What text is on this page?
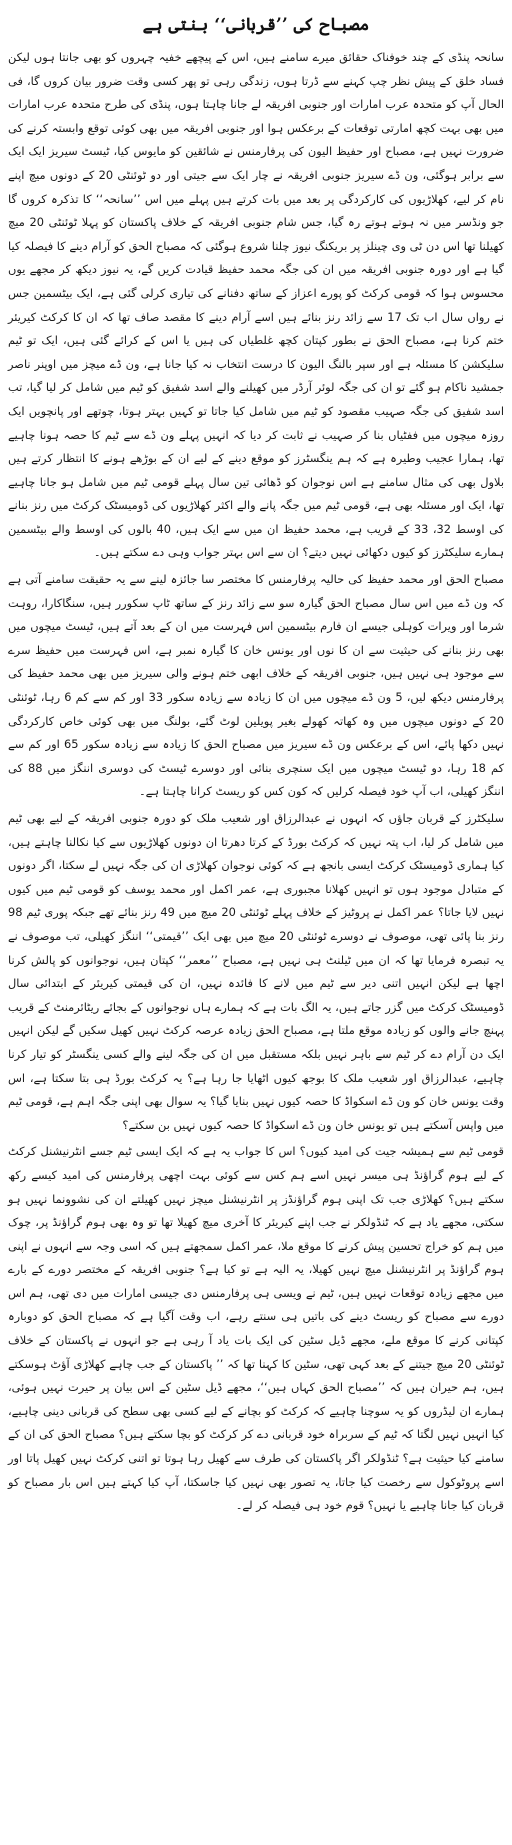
مصباح کی ’’قربانی‘‘ بنتی ہے

سانحہ پنڈی کے چند خوفناک حقائق میرے سامنے ہیں، اس کے پیچھے خفیہ چہروں کو بھی جانتا ہوں لیکن فساد خلق کے پیش نظر چپ کہنے سے ڈرتا ہوں، زندگی رہی تو پھر کسی وقت ضرور بیان کروں گا، فی الحال آپ کو متحدہ عرب امارات اور جنوبی افریقہ لے جانا چاہتا ہوں، پنڈی کی طرح متحدہ عرب امارات میں بھی بہت کچھ امارتی توقعات کے برعکس ہوا اور جنوبی افریقہ میں بھی کوئی توقع وابستہ کرنے کی ضرورت نہیں ہے، مصباح اور حفیظ الیون کی پرفارمنس نے شائقین کو مایوس کیا، ٹیسٹ سیریز ایک ایک سے برابر ہوگئی، ون ڈے سیریز جنوبی افریقہ نے چار ایک سے جیتی اور دو ٹوئنٹی 20 کے دونوں میچ اپنے نام کر لیے، کھلاڑیوں کی کارکردگی پر بعد میں بات کرتے ہیں پہلے میں اس ’’سانحہ‘‘ کا تذکرہ کروں گا جو ونڈسر میں نہ ہوتے ہوتے رہ گیا، جس شام جنوبی افریقہ کے خلاف پاکستان کو پہلا ٹوئنٹی 20 میچ کھیلنا تھا اس دن ٹی وی چینلز پر بریکنگ نیوز چلنا شروع ہوگئی کہ مصباح الحق کو آرام دینے کا فیصلہ کیا گیا ہے اور دورہ جنوبی افریقہ میں ان کی جگہ محمد حفیظ قیادت کریں گے، یہ نیوز دیکھ کر مجھے یوں محسوس ہوا کہ قومی کرکٹ کو پورے اعزاز کے ساتھ دفنانے کی تیاری کرلی گئی ہے، ایک بیٹسمین جس نے رواں سال اب تک 17 سے زائد رنز بنائے ہیں اسے آرام دینے کا مقصد صاف تھا کہ ان کا کرکٹ کیریئر ختم کرنا ہے، مصباح الحق نے بطور کپتان کچھ غلطیاں کی ہیں یا اس کے کرائے گئی ہیں، ایک تو ٹیم سلیکشن کا مسئلہ ہے اور سپر بالنگ الیون کا درست انتخاب نہ کیا جانا ہے، ون ڈے میچز میں اوپنر ناصر جمشید ناکام ہو گئے تو ان کی جگہ لوئر آرڈر میں کھیلنے والے اسد شفیق کو ٹیم میں شامل کر لیا گیا، تب اسد شفیق کی جگہ صہیب مقصود کو ٹیم میں شامل کیا جاتا تو کہیں بہتر ہوتا، چوتھے اور پانچویں ایک روزہ میچوں میں ففٹیاں بنا کر صہیب نے ثابت کر دیا کہ انہیں پہلے ون ڈے سے ٹیم کا حصہ ہونا چاہیے تھا، ہمارا عجیب وطیرہ ہے کہ ہم ینگسٹرز کو موقع دینے کے لیے ان کے بوڑھے ہونے کا انتظار کرتے ہیں بلاول بھی کی مثال سامنے ہے اس نوجوان کو ڈھائی تین سال پہلے قومی ٹیم میں شامل ہو جانا چاہیے تھا، ایک اور مسئلہ بھی ہے، قومی ٹیم میں جگہ پانے والے اکثر کھلاڑیوں کی ڈومیسٹک کرکٹ میں رنز بنانے کی اوسط 32، 33 کے قریب ہے، محمد حفیظ ان میں سے ایک ہیں، 40 بالوں کی اوسط والے بیٹسمین ہمارے سلیکٹرز کو کیوں دکھائی نہیں دیتے؟ ان سے اس بہتر جواب وہی دے سکتے ہیں۔

مصباح الحق اور محمد حفیظ کی حالیہ پرفارمنس کا مختصر سا جائزہ لینے سے یہ حقیقت سامنے آتی ہے کہ ون ڈے میں اس سال مصباح الحق گیارہ سو سے زائد رنز کے ساتھ ٹاپ سکورر ہیں، سنگاکارا، روہت شرما اور ویرات کوہلی جیسے ان فارم بیٹسمین اس فہرست میں ان کے بعد آتے ہیں، ٹیسٹ میچوں میں بھی رنز بنانے کی حیثیت سے ان کا نوں اور یونس خان کا گیارہ نمبر ہے، اس فہرست میں حفیظ سرے سے موجود ہی نہیں ہیں، جنوبی افریقہ کے خلاف ابھی ختم ہونے والی سیریز میں بھی محمد حفیظ کی پرفارمنس دیکھ لیں، 5 ون ڈے میچوں میں ان کا زیادہ سے زیادہ سکور 33 اور کم سے کم 6 رہا، ٹوئنٹی 20 کے دونوں میچوں میں وہ کھاتہ کھولے بغیر پویلین لوٹ گئے، بولنگ میں بھی کوئی خاص کارکردگی نہیں دکھا پائے، اس کے برعکس ون ڈے سیریز میں مصباح الحق کا زیادہ سے زیادہ سکور 65 اور کم سے کم 18 رہا، دو ٹیسٹ میچوں میں ایک سنچری بنائی اور دوسرے ٹیسٹ کی دوسری اننگز میں 88 کی اننگز کھیلی، اب آپ خود فیصلہ کرلیں کہ کون کس کو ریسٹ کرانا چاہتا ہے۔

سلیکٹرز کے قربان جاؤں کہ انہوں نے عبدالرزاق اور شعیب ملک کو دورہ جنوبی افریقہ کے لیے بھی ٹیم میں شامل کر لیا، اب پتہ نہیں کہ کرکٹ بورڈ کے کرتا دھرتا ان دونوں کھلاڑیوں سے کیا نکالنا چاہتے ہیں، کیا ہماری ڈومیسٹک کرکٹ ایسی بانجھ ہے کہ کوئی نوجوان کھلاڑی ان کی جگہ نہیں لے سکتا، اگر دونوں کے متبادل موجود ہوں تو انہیں کھلانا مجبوری ہے، عمر اکمل اور محمد یوسف کو قومی ٹیم میں کیوں نہیں لایا جاتا؟ عمر اکمل نے پروٹیز کے خلاف پہلے ٹوئنٹی 20 میچ میں 49 رنز بنائے تھے جبکہ پوری ٹیم 98 رنز بنا پائی تھی، موصوف نے دوسرے ٹوئنٹی 20 میچ میں بھی ایک ’’قیمتی‘‘ اننگز کھیلی، تب موصوف نے یہ تبصرہ فرمایا تھا کہ ان میں ٹیلنٹ ہی نہیں ہے، مصباح ’’معمر‘‘ کپتان ہیں، نوجوانوں کو پالش کرنا اچھا ہے لیکن انہیں اتنی دیر سے ٹیم میں لانے کا فائدہ نہیں، ان کی قیمتی کیریئر کے ابتدائی سال ڈومیسٹک کرکٹ میں گزر جاتے ہیں، یہ الگ بات ہے کہ ہمارے ہاں نوجوانوں کے بجائے ریٹائرمنٹ کے قریب پہنچ جانے والوں کو زیادہ موقع ملتا ہے، مصباح الحق زیادہ عرصہ کرکٹ نہیں کھیل سکیں گے لیکن انہیں ایک دن آرام دے کر ٹیم سے باہر نہیں بلکہ مستقبل میں ان کی جگہ لینے والے کسی ینگسٹر کو تیار کرنا چاہیے، عبدالرزاق اور شعیب ملک کا بوجھ کیوں اٹھایا جا رہا ہے؟ یہ کرکٹ بورڈ ہی بتا سکتا ہے، اس وقت یونس خان کو ون ڈے اسکواڈ کا حصہ کیوں نہیں بنایا گیا؟ یہ سوال بھی اپنی جگہ اہم ہے، قومی ٹیم میں واپس آسکتے ہیں تو یونس خان ون ڈے اسکواڈ کا حصہ کیوں نہیں بن سکتے؟

قومی ٹیم سے ہمیشہ جیت کی امید کیوں؟ اس کا جواب یہ ہے کہ ایک ایسی ٹیم جسے انٹرنیشنل کرکٹ کے لیے ہوم گراؤنڈ ہی میسر نہیں اسے ہم کس سے کوئی بہت اچھی پرفارمنس کی امید کیسے رکھ سکتے ہیں؟ کھلاڑی جب تک اپنی ہوم گراؤنڈز پر انٹرنیشنل میچز نہیں کھیلتے ان کی نشوونما نہیں ہو سکتی، مجھے یاد ہے کہ ٹنڈولکر نے جب اپنے کیریئر کا آخری میچ کھیلا تھا تو وہ بھی ہوم گراؤنڈ پر، چوک میں ہم کو خراج تحسین پیش کرنے کا موقع ملا، عمر اکمل سمجھتے ہیں کہ اسی وجہ سے انہوں نے اپنی ہوم گراؤنڈ پر انٹرنیشنل میچ نہیں کھیلا، یہ الیہ ہے تو کیا ہے؟ جنوبی افریقہ کے مختصر دورے کے بارے میں مجھے زیادہ توقعات نہیں ہیں، ٹیم نے ویسی ہی پرفارمنس دی جیسی امارات میں دی تھی، ہم اس دورے سے مصباح کو ریسٹ دینے کی باتیں ہی سنتے رہے، اب وقت آگیا ہے کہ مصباح الحق کو دوبارہ کپتانی کرنے کا موقع ملے، مجھے ڈیل سٹین کی ایک بات یاد آ رہی ہے جو انہوں نے پاکستان کے خلاف ٹوئنٹی 20 میچ جیتنے کے بعد کہی تھی، سٹین کا کہنا تھا کہ ’’ پاکستان کے جب چاہے کھلاڑی آؤٹ ہوسکتے ہیں، ہم حیران ہیں کہ ’’مصباح الحق کہاں ہیں‘‘، مجھے ڈیل سٹین کے اس بیان پر حیرت نہیں ہوئی، ہمارے ان لیڈروں کو یہ سوچنا چاہیے کہ کرکٹ کو بچانے کے لیے کسی بھی سطح کی قربانی دینی چاہیے، کیا انہیں نہیں لگتا کہ ٹیم کے سربراہ خود قربانی دے کر کرکٹ کو بچا سکتے ہیں؟ مصباح الحق کی ان کے سامنے کیا حیثیت ہے؟ ٹنڈولکر اگر پاکستان کی طرف سے کھیل رہا ہوتا تو اتنی کرکٹ نہیں کھیل پاتا اور اسے پروٹوکول سے رخصت کیا جاتا، یہ تصور بھی نہیں کیا جاسکتا، آپ کیا کہتے ہیں اس بار مصباح کو قربان کیا جانا چاہیے یا نہیں؟ قوم خود ہی فیصلہ کر لے۔
